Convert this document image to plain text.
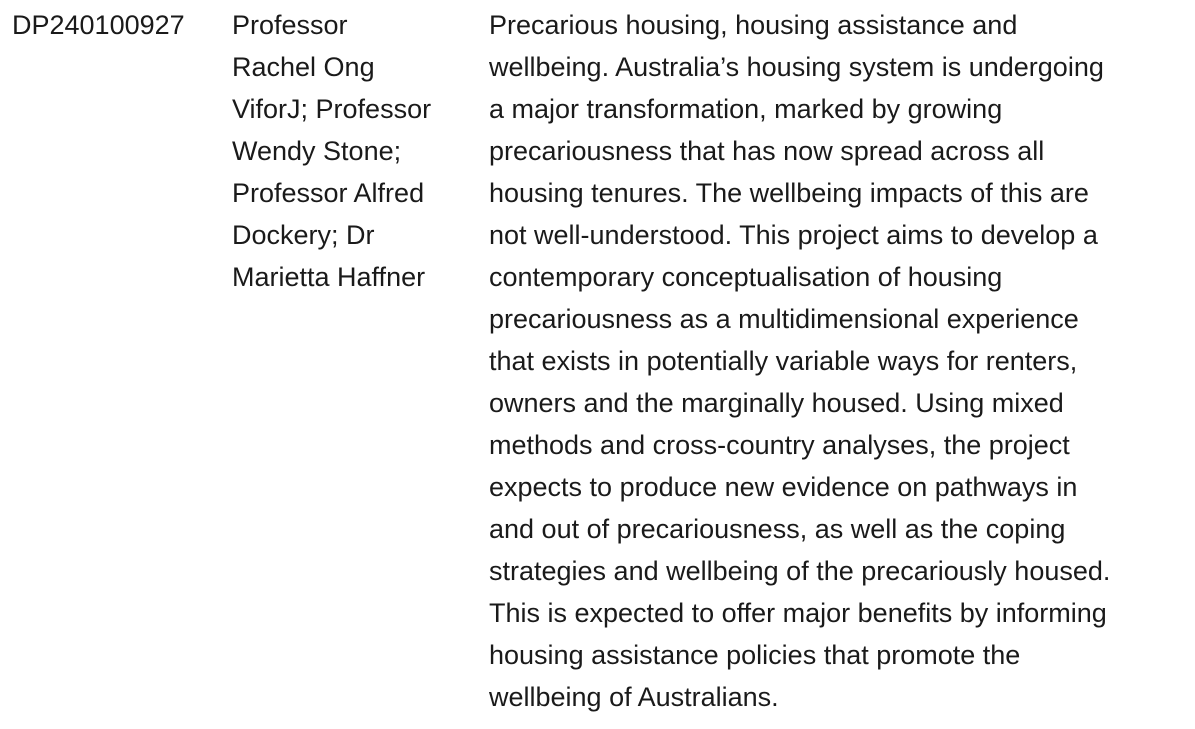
DP240100927	Professor
Rachel Ong
ViforJ; Professor
Wendy Stone;
Professor Alfred
Dockery; Dr
Marietta Haffner
Precarious housing, housing assistance and
wellbeing. Australia’s housing system is undergoing
a major transformation, marked by growing
precariousness that has now spread across all
housing tenures. The wellbeing impacts of this are
not well-understood. This project aims to develop a
contemporary conceptualisation of housing
precariousness as a multidimensional experience
that exists in potentially variable ways for renters,
owners and the marginally housed. Using mixed
methods and cross-country analyses, the project
expects to produce new evidence on pathways in
and out of precariousness, as well as the coping
strategies and wellbeing of the precariously housed.
This is expected to offer major benefits by informing
housing assistance policies that promote the
wellbeing of Australians.
